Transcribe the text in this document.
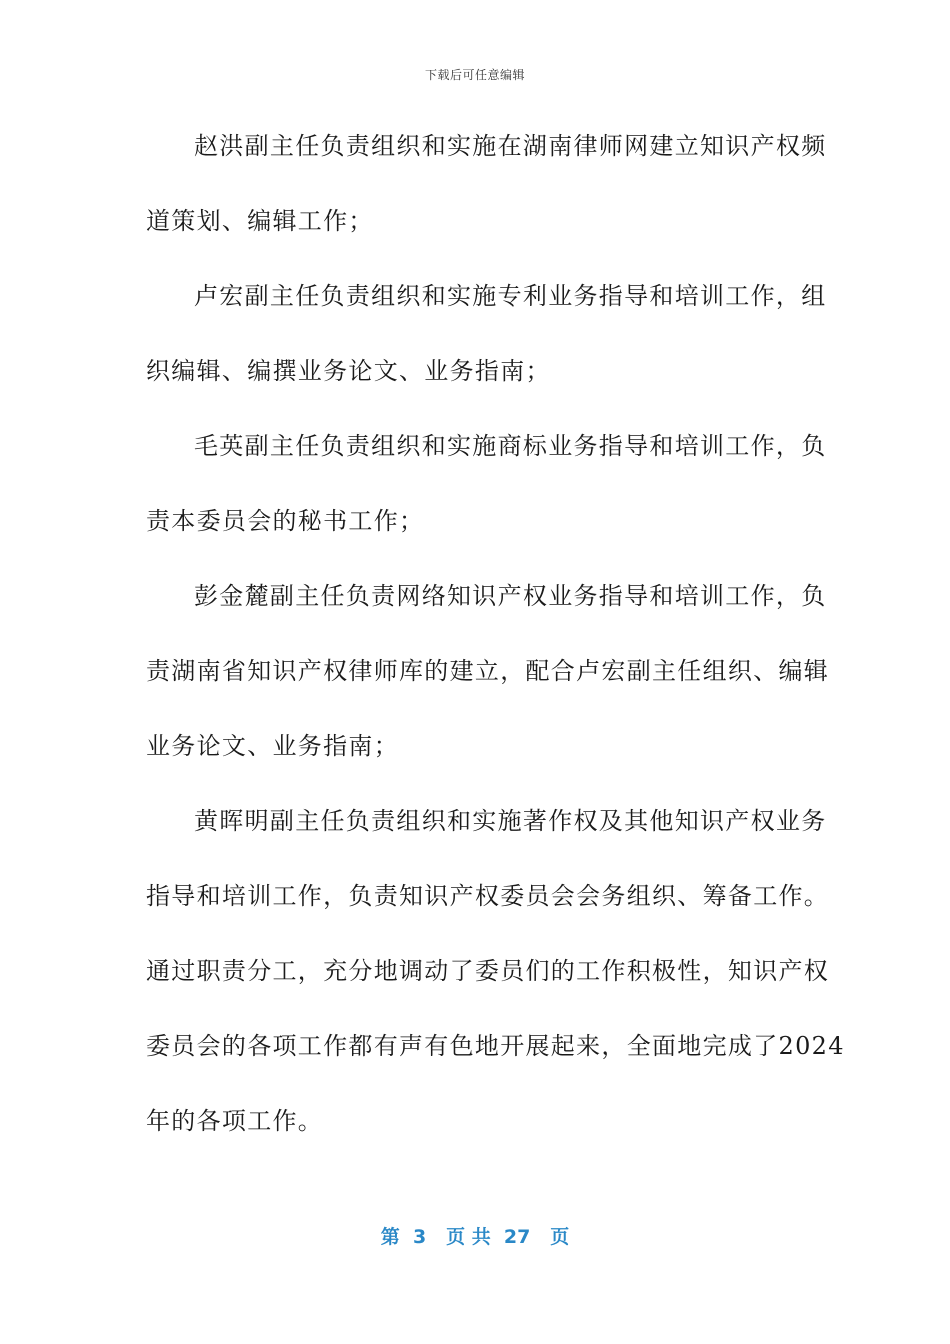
下载后可任意编辑
赵洪副主任负责组织和实施在湖南律师网建立知识产权频
道策划、编辑工作；
卢宏副主任负责组织和实施专利业务指导和培训工作，组
织编辑、编撰业务论文、业务指南；
毛英副主任负责组织和实施商标业务指导和培训工作，负
责本委员会的秘书工作；
彭金麓副主任负责网络知识产权业务指导和培训工作，负
责湖南省知识产权律师库的建立，配合卢宏副主任组织、编辑
业务论文、业务指南；
黄晖明副主任负责组织和实施著作权及其他知识产权业务
指导和培训工作，负责知识产权委员会会务组织、筹备工作。
通过职责分工，充分地调动了委员们的工作积极性，知识产权
委员会的各项工作都有声有色地开展起来，全面地完成了2024
年的各项工作。
第  3   页 共  27   页
